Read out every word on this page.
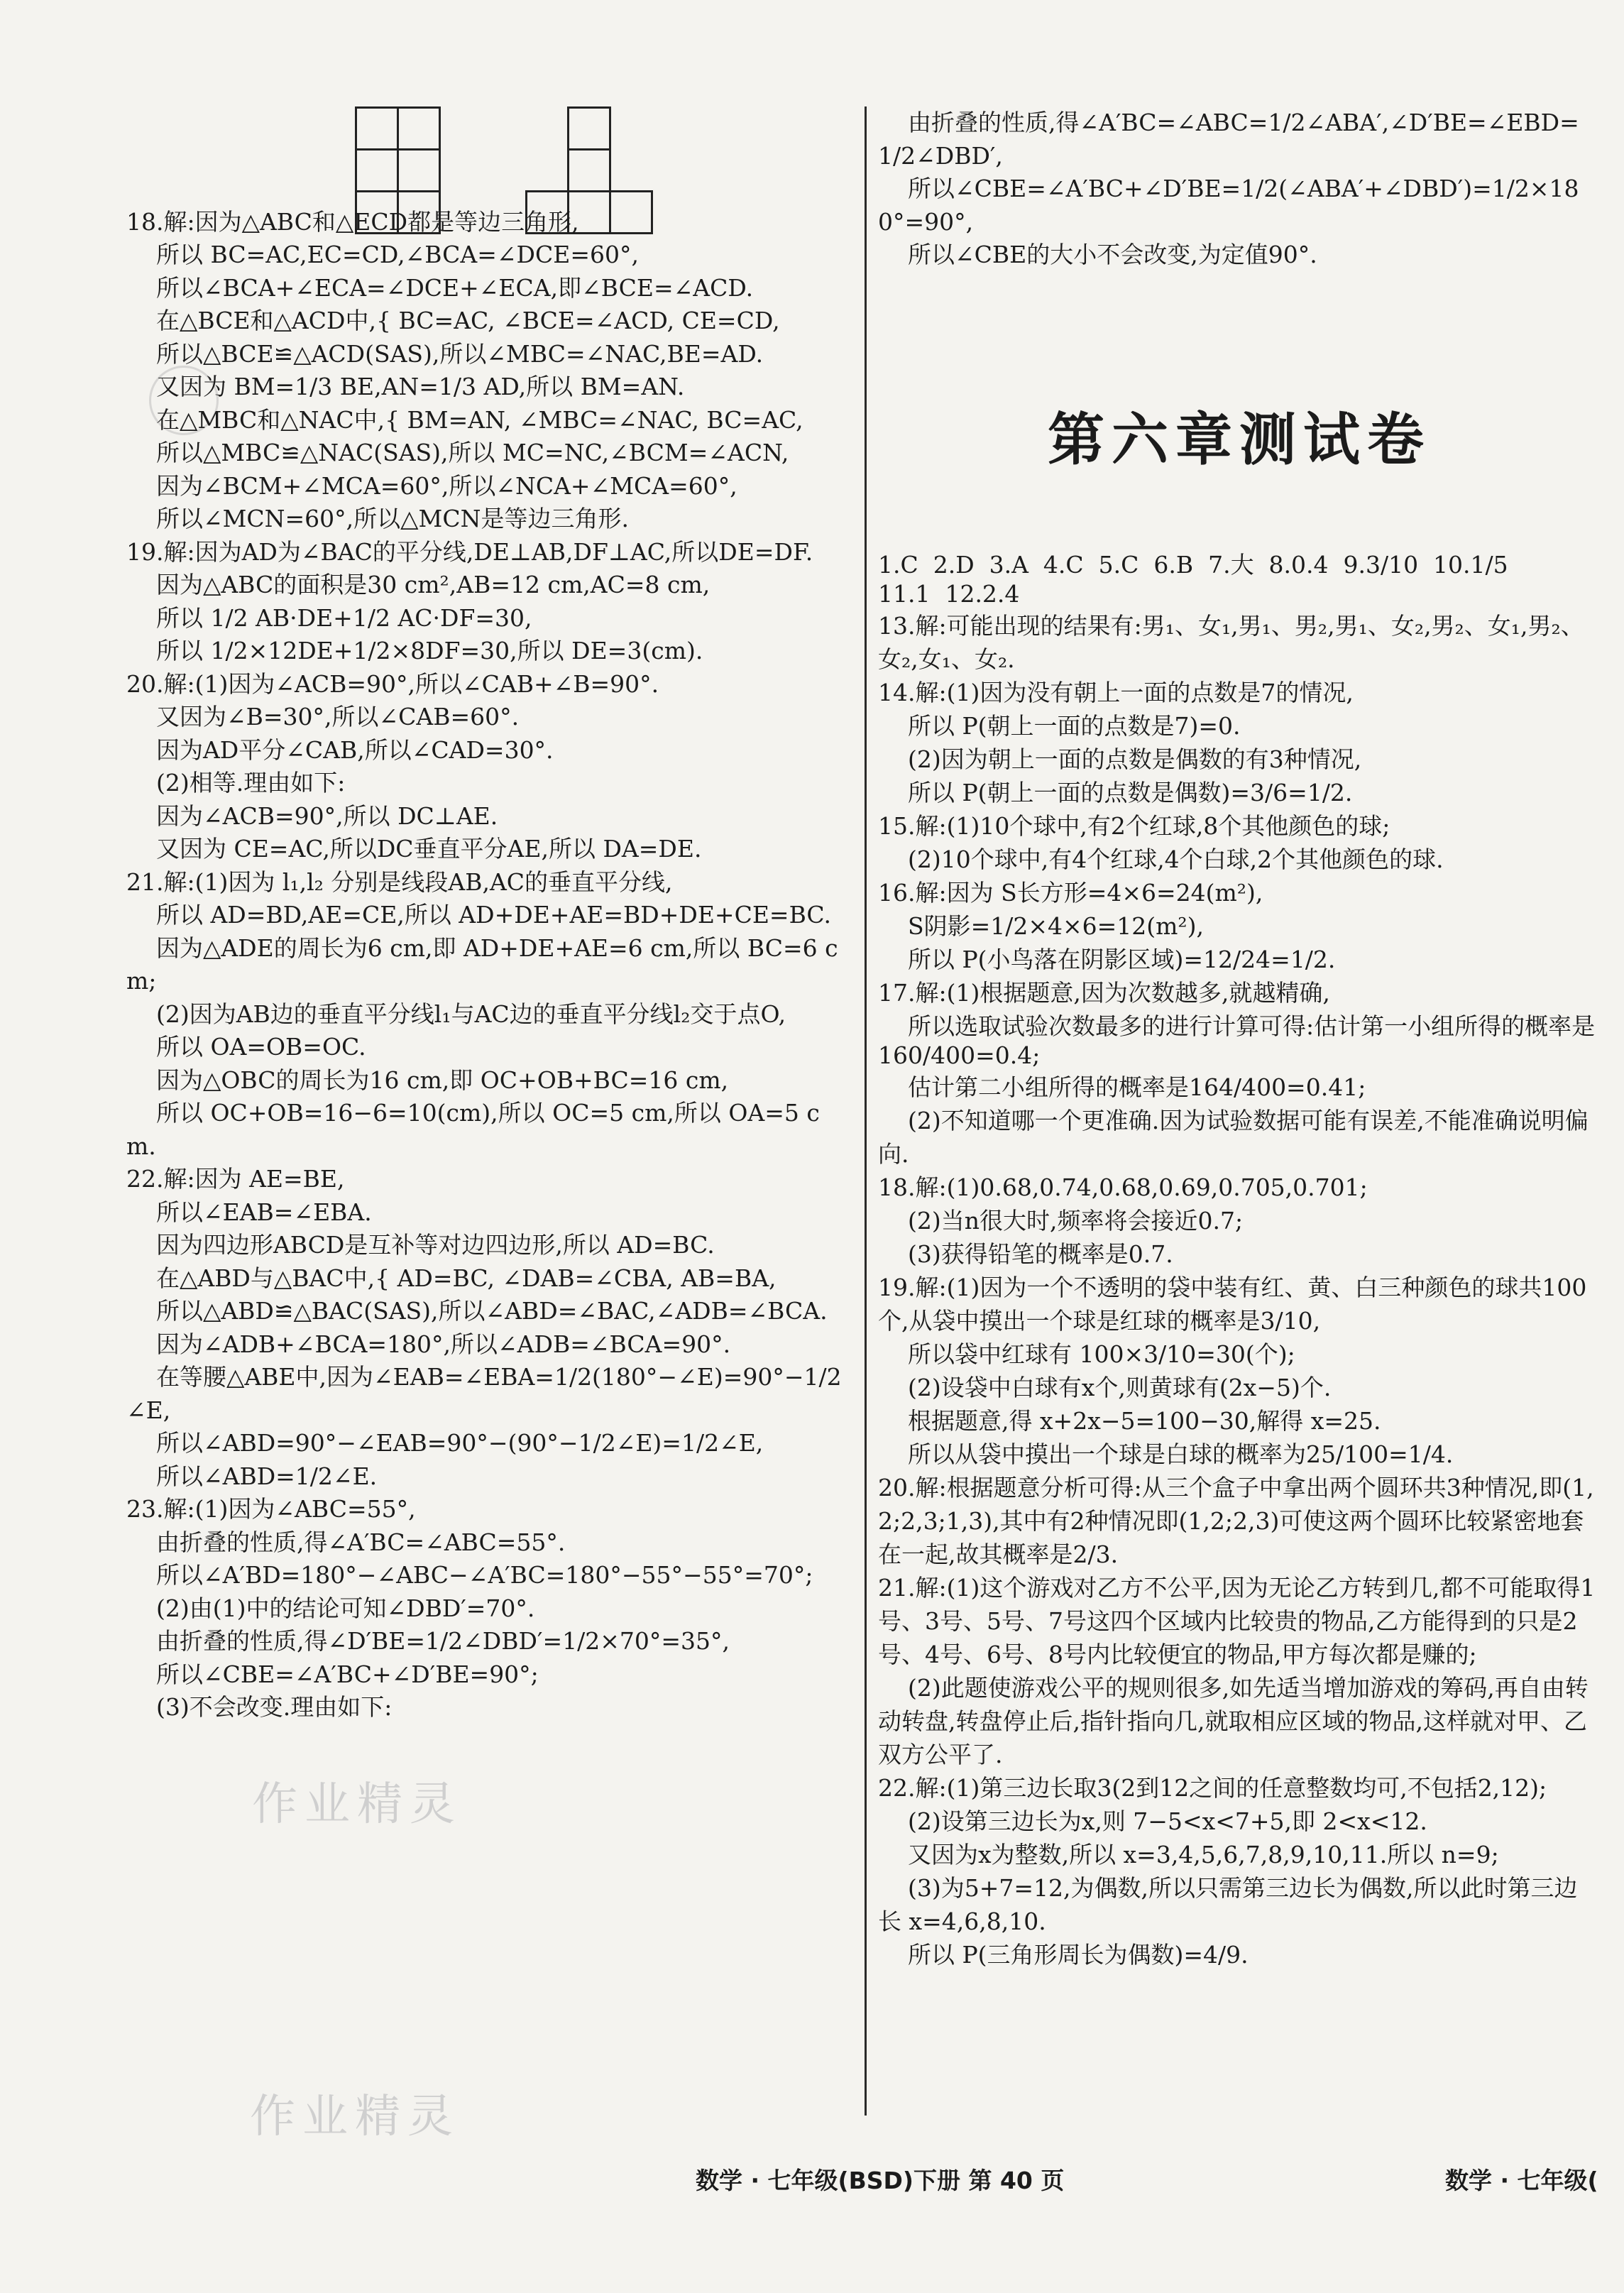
18.解:因为△ABC和△ECD都是等边三角形,
所以 BC=AC,EC=CD,∠BCA=∠DCE=60°,
所以∠BCA+∠ECA=∠DCE+∠ECA,即∠BCE=∠ACD.
在△BCE和△ACD中,{ BC=AC, ∠BCE=∠ACD, CE=CD,
所以△BCE≌△ACD(SAS),所以∠MBC=∠NAC,BE=AD.
又因为 BM=1/3 BE,AN=1/3 AD,所以 BM=AN.
在△MBC和△NAC中,{ BM=AN, ∠MBC=∠NAC, BC=AC,
所以△MBC≌△NAC(SAS),所以 MC=NC,∠BCM=∠ACN,
因为∠BCM+∠MCA=60°,所以∠NCA+∠MCA=60°,
所以∠MCN=60°,所以△MCN是等边三角形.
19.解:因为AD为∠BAC的平分线,DE⊥AB,DF⊥AC,所以DE=DF.
因为△ABC的面积是30 cm²,AB=12 cm,AC=8 cm,
所以 1/2 AB·DE+1/2 AC·DF=30,
所以 1/2×12DE+1/2×8DF=30,所以 DE=3(cm).
20.解:(1)因为∠ACB=90°,所以∠CAB+∠B=90°.
又因为∠B=30°,所以∠CAB=60°.
因为AD平分∠CAB,所以∠CAD=30°.
(2)相等.理由如下:
因为∠ACB=90°,所以 DC⊥AE.
又因为 CE=AC,所以DC垂直平分AE,所以 DA=DE.
21.解:(1)因为 l₁,l₂ 分别是线段AB,AC的垂直平分线,
所以 AD=BD,AE=CE,所以 AD+DE+AE=BD+DE+CE=BC.
因为△ADE的周长为6 cm,即 AD+DE+AE=6 cm,所以 BC=6 cm;
(2)因为AB边的垂直平分线l₁与AC边的垂直平分线l₂交于点O,
所以 OA=OB=OC.
因为△OBC的周长为16 cm,即 OC+OB+BC=16 cm,
所以 OC+OB=16−6=10(cm),所以 OC=5 cm,所以 OA=5 cm.
22.解:因为 AE=BE,
所以∠EAB=∠EBA.
因为四边形ABCD是互补等对边四边形,所以 AD=BC.
在△ABD与△BAC中,{ AD=BC, ∠DAB=∠CBA, AB=BA,
所以△ABD≌△BAC(SAS),所以∠ABD=∠BAC,∠ADB=∠BCA.
因为∠ADB+∠BCA=180°,所以∠ADB=∠BCA=90°.
在等腰△ABE中,因为∠EAB=∠EBA=1/2(180°−∠E)=90°−1/2∠E,
所以∠ABD=90°−∠EAB=90°−(90°−1/2∠E)=1/2∠E,
所以∠ABD=1/2∠E.
23.解:(1)因为∠ABC=55°,
由折叠的性质,得∠A′BC=∠ABC=55°.
所以∠A′BD=180°−∠ABC−∠A′BC=180°−55°−55°=70°;
(2)由(1)中的结论可知∠DBD′=70°.
由折叠的性质,得∠D′BE=1/2∠DBD′=1/2×70°=35°,
所以∠CBE=∠A′BC+∠D′BE=90°;
(3)不会改变.理由如下:
由折叠的性质,得∠A′BC=∠ABC=1/2∠ABA′,∠D′BE=∠EBD=1/2∠DBD′,
所以∠CBE=∠A′BC+∠D′BE=1/2(∠ABA′+∠DBD′)=1/2×180°=90°,
所以∠CBE的大小不会改变,为定值90°.
第六章测试卷
1.C  2.D  3.A  4.C  5.C  6.B  7.大  8.0.4  9.3/10  10.1/5
11.1  12.2.4
13.解:可能出现的结果有:男₁、女₁,男₁、男₂,男₁、女₂,男₂、女₁,男₂、女₂,女₁、女₂.
14.解:(1)因为没有朝上一面的点数是7的情况,
所以 P(朝上一面的点数是7)=0.
(2)因为朝上一面的点数是偶数的有3种情况,
所以 P(朝上一面的点数是偶数)=3/6=1/2.
15.解:(1)10个球中,有2个红球,8个其他颜色的球;
(2)10个球中,有4个红球,4个白球,2个其他颜色的球.
16.解:因为 S长方形=4×6=24(m²),
S阴影=1/2×4×6=12(m²),
所以 P(小鸟落在阴影区域)=12/24=1/2.
17.解:(1)根据题意,因为次数越多,就越精确,
所以选取试验次数最多的进行计算可得:估计第一小组所得的概率是160/400=0.4;
估计第二小组所得的概率是164/400=0.41;
(2)不知道哪一个更准确.因为试验数据可能有误差,不能准确说明偏向.
18.解:(1)0.68,0.74,0.68,0.69,0.705,0.701;
(2)当n很大时,频率将会接近0.7;
(3)获得铅笔的概率是0.7.
19.解:(1)因为一个不透明的袋中装有红、黄、白三种颜色的球共100个,从袋中摸出一个球是红球的概率是3/10,
所以袋中红球有 100×3/10=30(个);
(2)设袋中白球有x个,则黄球有(2x−5)个.
根据题意,得 x+2x−5=100−30,解得 x=25.
所以从袋中摸出一个球是白球的概率为25/100=1/4.
20.解:根据题意分析可得:从三个盒子中拿出两个圆环共3种情况,即(1,2;2,3;1,3),其中有2种情况即(1,2;2,3)可使这两个圆环比较紧密地套在一起,故其概率是2/3.
21.解:(1)这个游戏对乙方不公平,因为无论乙方转到几,都不可能取得1号、3号、5号、7号这四个区域内比较贵的物品,乙方能得到的只是2号、4号、6号、8号内比较便宜的物品,甲方每次都是赚的;
(2)此题使游戏公平的规则很多,如先适当增加游戏的筹码,再自由转动转盘,转盘停止后,指针指向几,就取相应区域的物品,这样就对甲、乙双方公平了.
22.解:(1)第三边长取3(2到12之间的任意整数均可,不包括2,12);
(2)设第三边长为x,则 7−5<x<7+5,即 2<x<12.
又因为x为整数,所以 x=3,4,5,6,7,8,9,10,11.所以 n=9;
(3)为5+7=12,为偶数,所以只需第三边长为偶数,所以此时第三边长 x=4,6,8,10.
所以 P(三角形周长为偶数)=4/9.
作业精灵
作业精灵
数学 · 七年级(BSD)下册 第 40 页	数学 · 七年级(
